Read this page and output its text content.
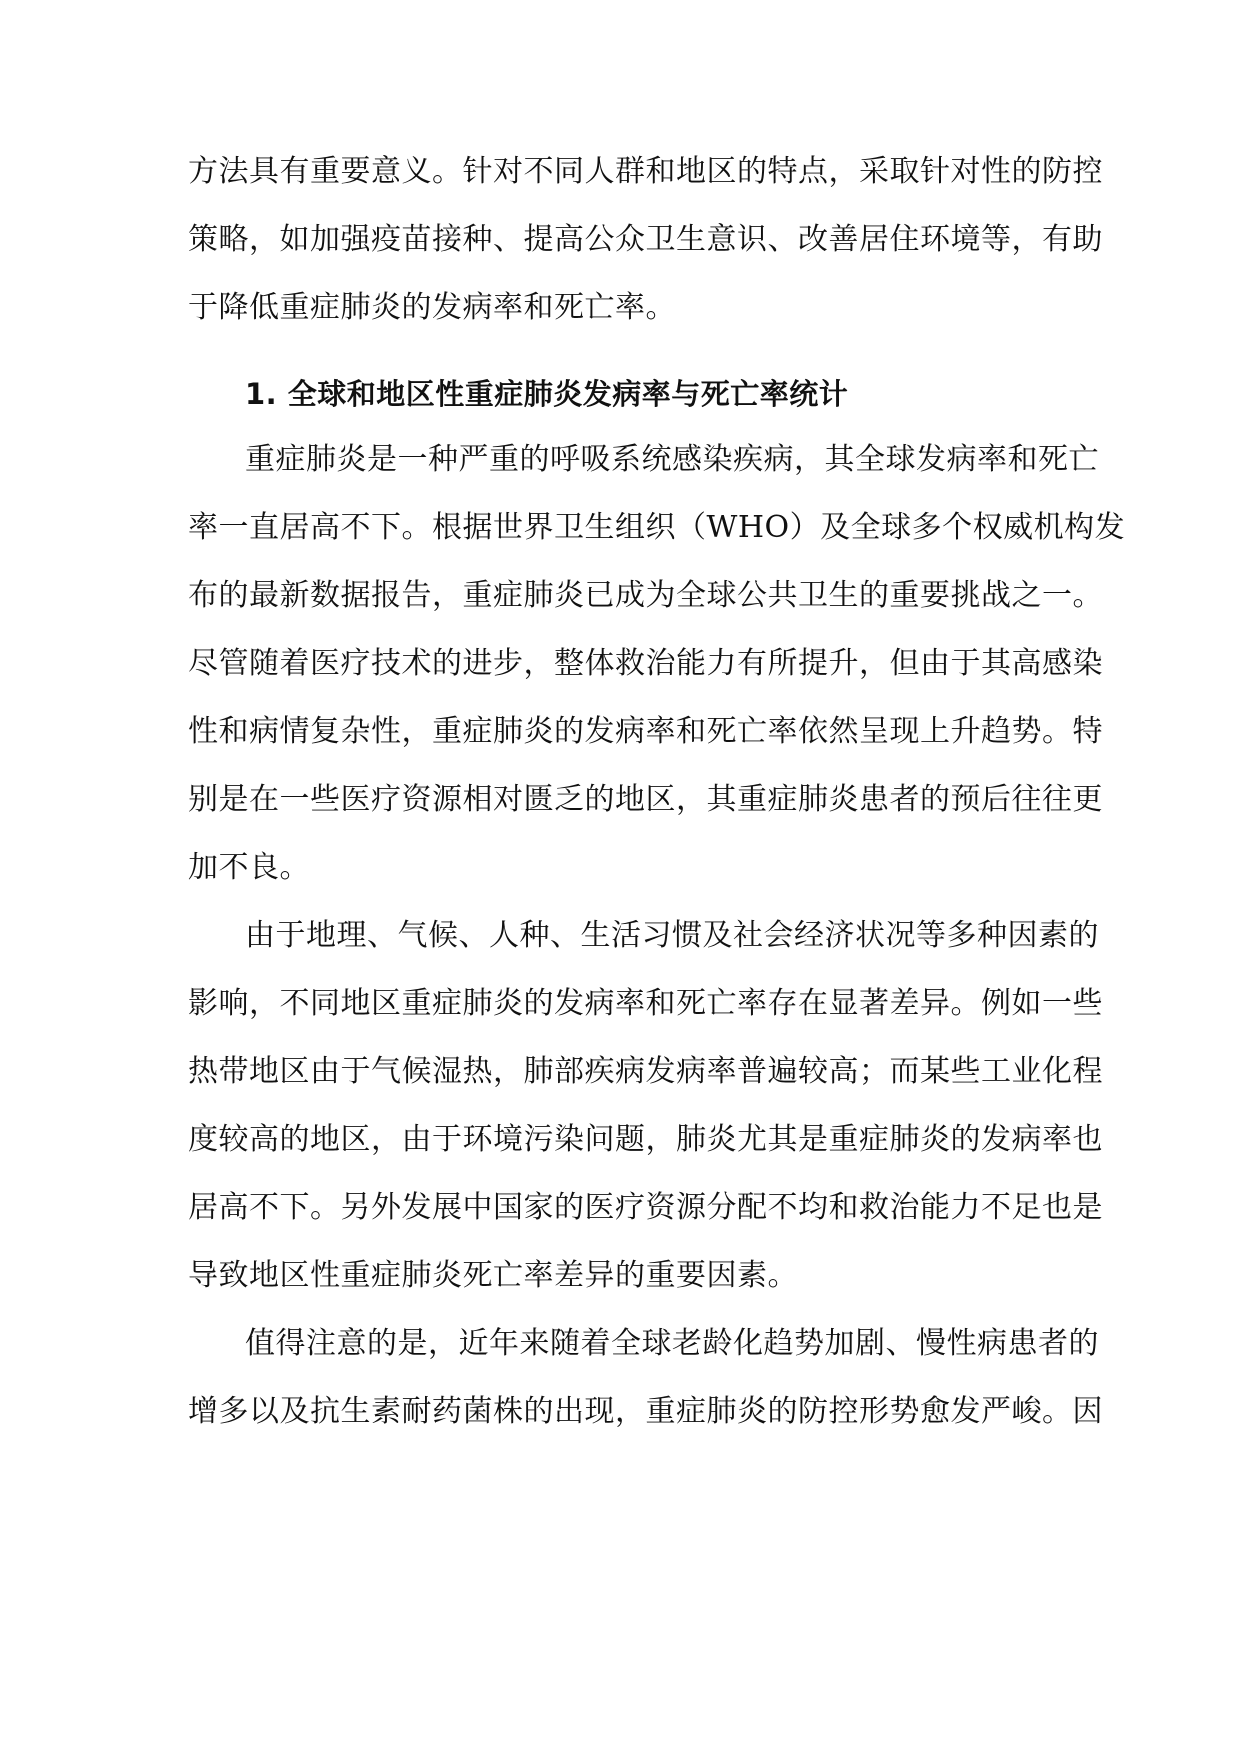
方法具有重要意义。针对不同人群和地区的特点，采取针对性的防控
策略，如加强疫苗接种、提高公众卫生意识、改善居住环境等，有助
于降低重症肺炎的发病率和死亡率。
1. 全球和地区性重症肺炎发病率与死亡率统计
重症肺炎是一种严重的呼吸系统感染疾病，其全球发病率和死亡
率一直居高不下。根据世界卫生组织（WHO）及全球多个权威机构发
布的最新数据报告，重症肺炎已成为全球公共卫生的重要挑战之一。
尽管随着医疗技术的进步，整体救治能力有所提升，但由于其高感染
性和病情复杂性，重症肺炎的发病率和死亡率依然呈现上升趋势。特
别是在一些医疗资源相对匮乏的地区，其重症肺炎患者的预后往往更
加不良。
由于地理、气候、人种、生活习惯及社会经济状况等多种因素的
影响，不同地区重症肺炎的发病率和死亡率存在显著差异。例如一些
热带地区由于气候湿热，肺部疾病发病率普遍较高；而某些工业化程
度较高的地区，由于环境污染问题，肺炎尤其是重症肺炎的发病率也
居高不下。另外发展中国家的医疗资源分配不均和救治能力不足也是
导致地区性重症肺炎死亡率差异的重要因素。
值得注意的是，近年来随着全球老龄化趋势加剧、慢性病患者的
增多以及抗生素耐药菌株的出现，重症肺炎的防控形势愈发严峻。因
